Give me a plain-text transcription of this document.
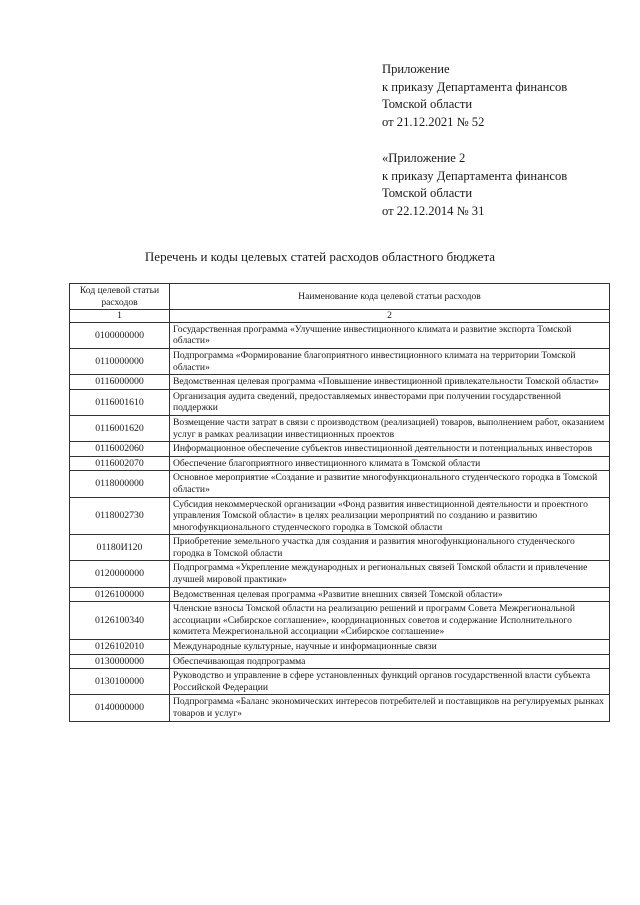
Приложение
к приказу Департамента финансов
Томской области
от 21.12.2021 № 52
«Приложение 2
к приказу Департамента финансов
Томской области
от 22.12.2014 № 31
Перечень и коды целевых статей расходов областного бюджета
Код целевой статьи расходов	Наименование кода целевой статьи расходов
1	2
0100000000	Государственная программа «Улучшение инвестиционного климата и развитие экспорта Томской области»
0110000000	Подпрограмма «Формирование благоприятного инвестиционного климата на территории Томской области»
0116000000	Ведомственная целевая программа «Повышение инвестиционной привлекательности Томской области»
0116001610	Организация аудита сведений, предоставляемых инвесторами при получении государственной поддержки
0116001620	Возмещение части затрат в связи с производством (реализацией) товаров, выполнением работ, оказанием услуг в рамках реализации инвестиционных проектов
0116002060	Информационное обеспечение субъектов инвестиционной деятельности и потенциальных инвесторов
0116002070	Обеспечение благоприятного инвестиционного климата в Томской области
0118000000	Основное мероприятие «Создание и развитие многофункционального студенческого городка в Томской области»
0118002730	Субсидия некоммерческой организации «Фонд развития инвестиционной деятельности и проектного управления Томской области» в целях реализации мероприятий по созданию и развитию многофункционального студенческого городка в Томской области
01180И120	Приобретение земельного участка для создания и развития многофункционального студенческого городка в Томской области
0120000000	Подпрограмма «Укрепление международных и региональных связей Томской области и привлечение лучшей мировой практики»
0126100000	Ведомственная целевая программа «Развитие внешних связей Томской области»
0126100340	Членские взносы Томской области на реализацию решений и программ Совета Межрегиональной ассоциации «Сибирское соглашение», координационных советов и содержание Исполнительного комитета Межрегиональной ассоциации «Сибирское соглашение»
0126102010	Международные культурные, научные и информационные связи
0130000000	Обеспечивающая подпрограмма
0130100000	Руководство и управление в сфере установленных функций органов государственной власти субъекта Российской Федерации
0140000000	Подпрограмма «Баланс экономических интересов потребителей и поставщиков на регулируемых рынках товаров и услуг»
